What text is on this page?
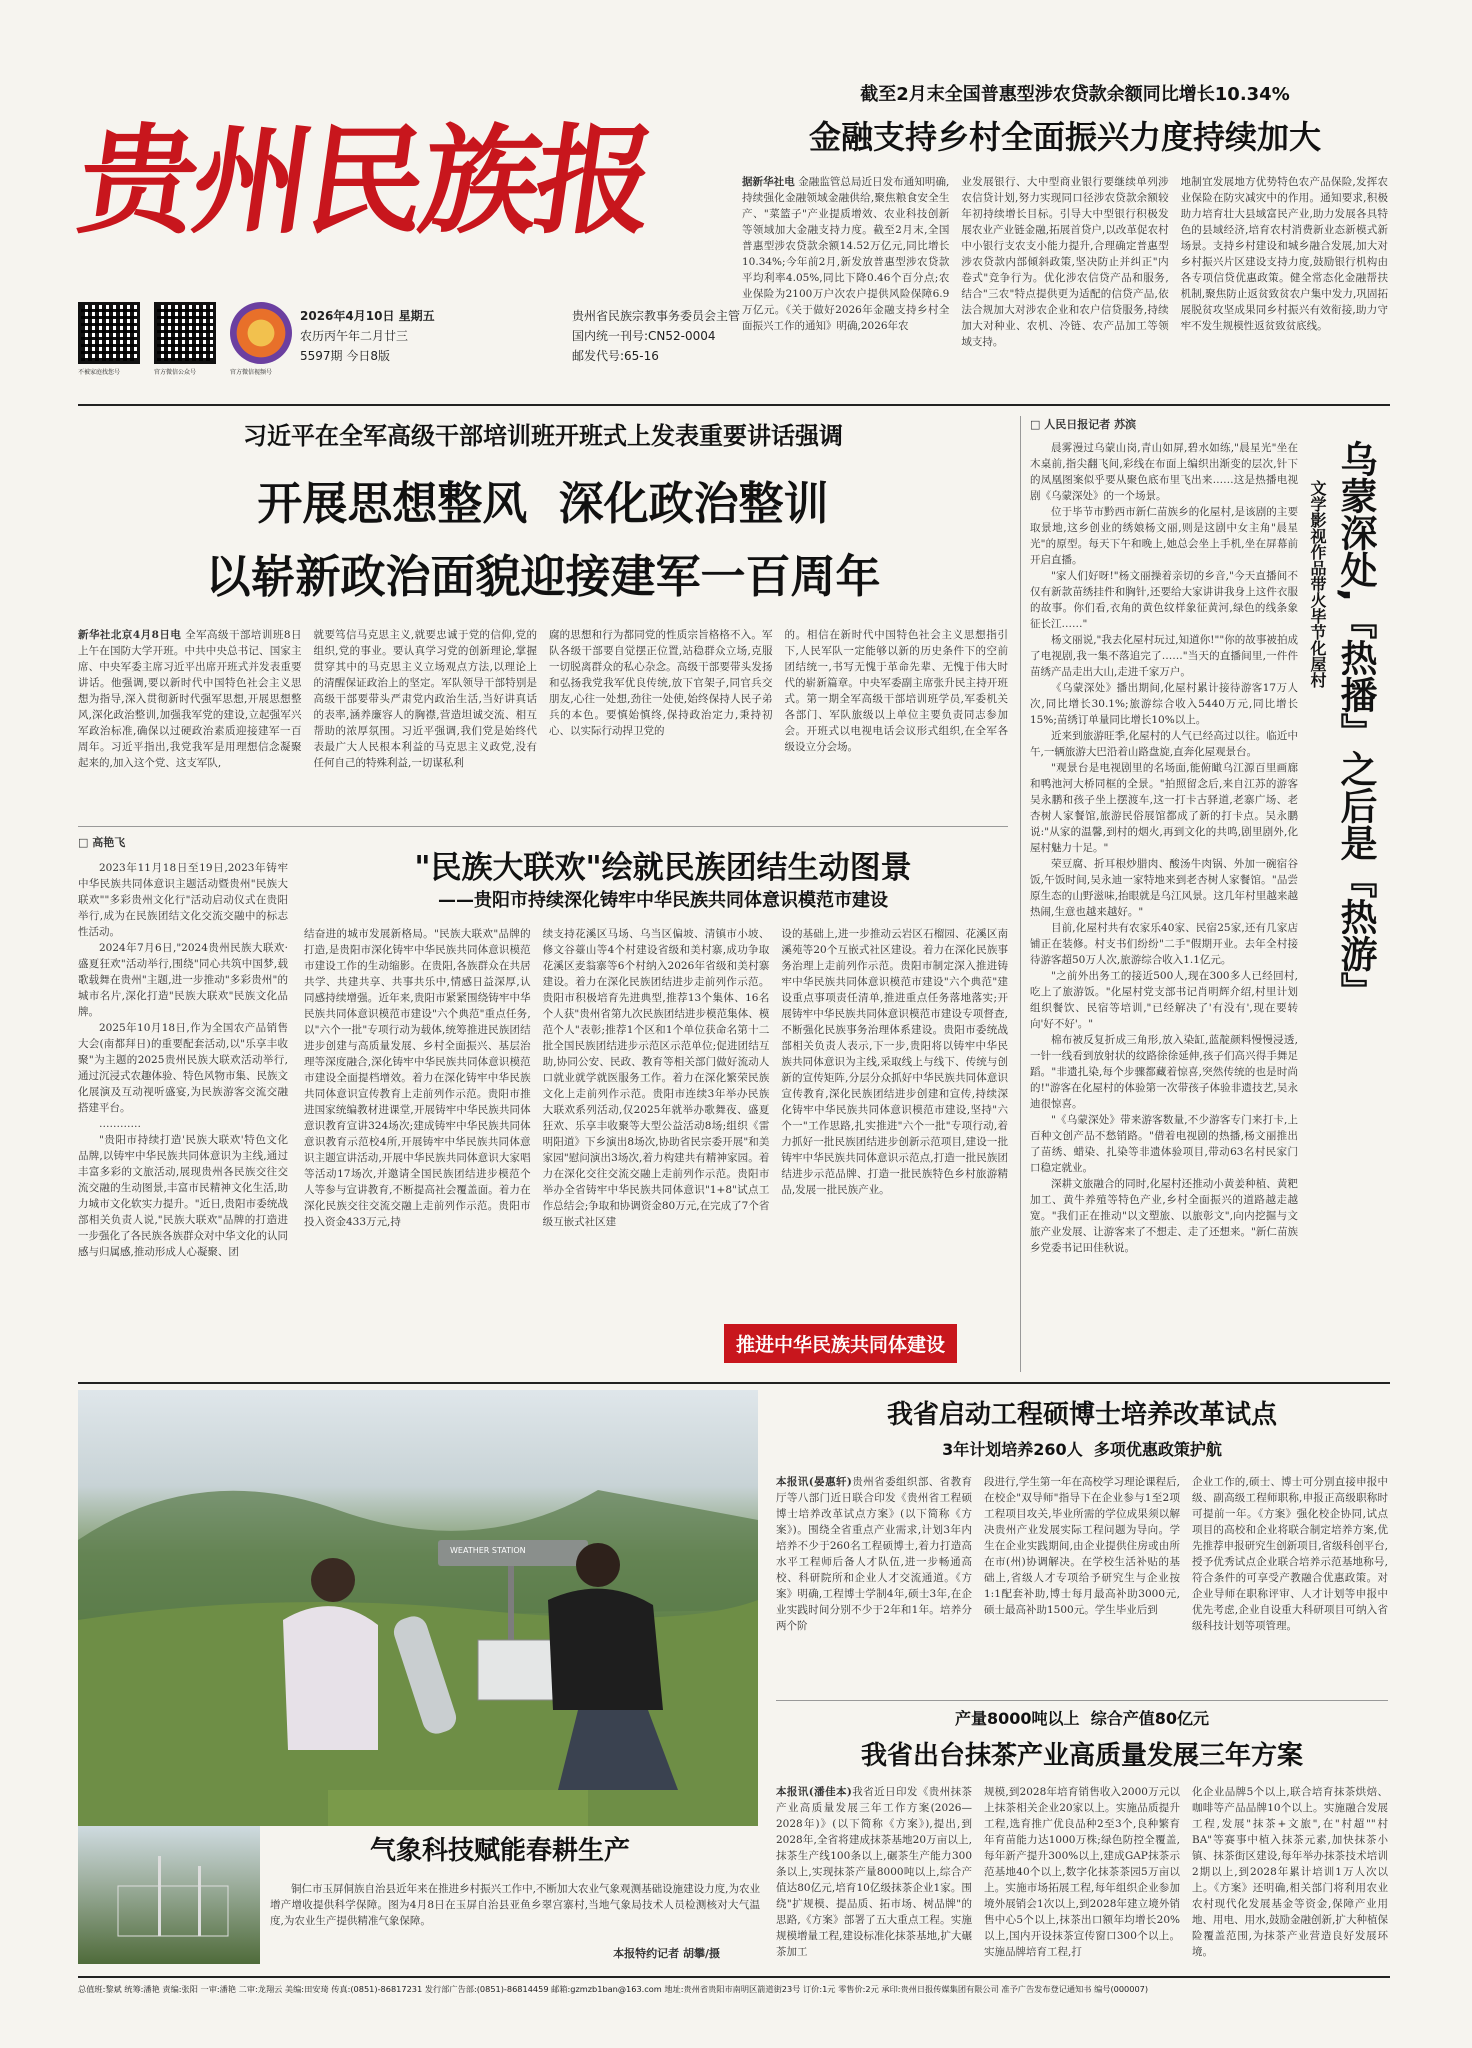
贵州民族报
不被家庭找您号	官方微信公众号	官方微信视频号
2026年4月10日 星期五
农历丙午年二月廿三
5597期 今日8版
贵州省民族宗教事务委员会主管
国内统一刊号:CN52-0004
邮发代号:65-16
截至2月末全国普惠型涉农贷款余额同比增长10.34%
金融支持乡村全面振兴力度持续加大
据新华社电 金融监管总局近日发布通知明确,持续强化金融领域金融供给,聚焦粮食安全生产、"菜篮子"产业提质增效、农业科技创新等领域加大金融支持力度。截至2月末,全国普惠型涉农贷款余额14.52万亿元,同比增长10.34%;今年前2月,新发放普惠型涉农贷款平均利率4.05%,同比下降0.46个百分点;农业保险为2100万户次农户提供风险保障6.9万亿元。《关于做好2026年金融支持乡村全面振兴工作的通知》明确,2026年农
业发展银行、大中型商业银行要继续单列涉农信贷计划,努力实现同口径涉农贷款余额较年初持续增长目标。引导大中型银行积极发展农业产业链金融,拓展首贷户,以改革促农村中小银行支农支小能力提升,合理确定普惠型涉农贷款内部倾斜政策,坚决防止并纠正"内卷式"竞争行为。优化涉农信贷产品和服务,结合"三农"特点提供更为适配的信贷产品,依法合规加大对涉农企业和农户信贷服务,持续加大对种业、农机、冷链、农产品加工等领域支持。
地制宜发展地方优势特色农产品保险,发挥农业保险在防灾减灾中的作用。通知要求,积极助力培育壮大县域富民产业,助力发展各具特色的县域经济,培育农村消费新业态新模式新场景。支持乡村建设和城乡融合发展,加大对乡村振兴片区建设支持力度,鼓励银行机构由各专项信贷优惠政策。健全常态化金融帮扶机制,聚焦防止返贫致贫农户集中发力,巩固拓展脱贫攻坚成果同乡村振兴有效衔接,助力守牢不发生规模性返贫致贫底线。
习近平在全军高级干部培训班开班式上发表重要讲话强调
开展思想整风  深化政治整训
以崭新政治面貌迎接建军一百周年
新华社北京4月8日电 全军高级干部培训班8日上午在国防大学开班。中共中央总书记、国家主席、中央军委主席习近平出席开班式并发表重要讲话。他强调,要以新时代中国特色社会主义思想为指导,深入贯彻新时代强军思想,开展思想整风,深化政治整训,加强我军党的建设,立起强军兴军政治标准,确保以过硬政治素质迎接建军一百周年。习近平指出,我党我军是用理想信念凝聚起来的,加入这个党、这支军队,
就要笃信马克思主义,就要忠诚于党的信仰,党的组织,党的事业。要认真学习党的创新理论,掌握贯穿其中的马克思主义立场观点方法,以理论上的清醒保证政治上的坚定。军队领导干部特别是高级干部要带头严肃党内政治生活,当好讲真话的表率,涵养廉容人的胸襟,营造坦诚交流、相互帮助的浓厚氛围。习近平强调,我们党是始终代表最广大人民根本利益的马克思主义政党,没有任何自己的特殊利益,一切谋私利
腐的思想和行为都同党的性质宗旨格格不入。军队各级干部要自觉摆正位置,站稳群众立场,克服一切脱离群众的私心杂念。高级干部要带头发扬和弘扬我党我军优良传统,放下官架子,同官兵交朋友,心往一处想,劲往一处使,始终保持人民子弟兵的本色。要慎始慎终,保持政治定力,秉持初心、以实际行动捍卫党的
的。相信在新时代中国特色社会主义思想指引下,人民军队一定能够以新的历史条件下的空前团结统一,书写无愧于革命先辈、无愧于伟大时代的崭新篇章。中央军委副主席张升民主持开班式。第一期全军高级干部培训班学员,军委机关各部门、军队旅级以上单位主要负责同志参加会。开班式以电视电话会议形式组织,在全军各级设立分会场。
□ 人民日报记者 苏滨

晨雾漫过乌蒙山岗,青山如屏,碧水如练,"晨星光"坐在木桌前,指尖翻飞间,彩线在布面上编织出渐变的层次,针下的凤凰图案似乎要从聚色底布里飞出来……这是热播电视剧《乌蒙深处》的一个场景。

位于毕节市黔西市新仁苗族乡的化屋村,是该剧的主要取景地,这乡创业的绣娘杨文丽,则是这剧中女主角"晨星光"的原型。每天下午和晚上,她总会坐上手机,坐在屏幕前开启直播。

"家人们好呀!"杨文丽操着亲切的乡音,"今天直播间不仅有新款苗绣挂件和胸针,还要给大家讲讲我身上这件衣服的故事。你们看,衣角的黄色纹样象征黄河,绿色的线条象征长江……"

杨文丽说,"我去化屋村玩过,知道你!""你的故事被拍成了电视剧,我一集不落追完了……"当天的直播间里,一件件苗绣产品走出大山,走进千家万户。

《乌蒙深处》播出期间,化屋村累计接待游客17万人次,同比增长30.1%;旅游综合收入5440万元,同比增长15%;苗绣订单量同比增长10%以上。

近来到旅游旺季,化屋村的人气已经高过以往。临近中午,一辆旅游大巴沿着山路盘旋,直奔化屋观景台。

"观景台是电视剧里的名场面,能俯瞰乌江源百里画廊和鸭池河大桥同框的全景。"拍照留念后,来自江苏的游客吴永鹏和孩子坐上摆渡车,这一打卡古驿道,老寨广场、老杏树人家餐馆,旅游民俗展馆都成了新的打卡点。吴永鹏说:"从家的温馨,到村的烟火,再到文化的共鸣,剧里剧外,化屋村魅力十足。"

荣豆腐、折耳根炒腊肉、酸汤牛肉锅、外加一碗宿谷饭,午饭时间,吴永迪一家特地来到老杏树人家餐馆。"品尝原生态的山野滋味,抬眼就是乌江风景。这几年村里越来越热闹,生意也越来越好。"

目前,化屋村共有农家乐40家、民宿25家,还有几家店铺正在装修。村支书们纷纷"二手"假期开业。去年全村接待游客超50万人次,旅游综合收入1.1亿元。

"之前外出务工的接近500人,现在300多人已经回村,吃上了旅游饭。"化屋村党支部书记肖明辉介绍,村里计划组织餐饮、民宿等培训,"已经解决了'有没有',现在要转向'好不好'。"

棉布被反复折成三角形,放入染缸,蓝靛颜料慢慢浸透,一针一线看到放射状的纹路徐徐延伸,孩子们高兴得手舞足蹈。"非遗扎染,每个步骤都藏着惊喜,突然传统的也是时尚的!"游客在化屋村的体验第一次带孩子体验非遗技艺,吴永迪很惊喜。

"《乌蒙深处》带来游客数量,不少游客专门来打卡,上百种文创产品不愁销路。"借着电视剧的热播,杨文丽推出了苗绣、蜡染、扎染等非遗体验项目,带动63名村民家门口稳定就业。

深耕文旅融合的同时,化屋村还推动小黄姜种植、黄粑加工、黄牛养殖等特色产业,乡村全面振兴的道路越走越宽。"我们正在推动"以文塑旅、以旅彰文",向内挖掘与文旅产业发展、让游客来了不想走、走了还想来。"新仁苗族乡党委书记田佳秋说。

文学影视作品带火毕节化屋村 乌蒙深处,『热播』之后是『热游』
□ 高艳飞
"民族大联欢"绘就民族团结生动图景
——贵阳市持续深化铸牢中华民族共同体意识模范市建设

2023年11月18日至19日,2023年铸牢中华民族共同体意识主题活动暨贵州"民族大联欢""多彩贵州文化行"活动启动仪式在贵阳举行,成为在民族团结文化交流交融中的标志性活动。

2024年7月6日,"2024贵州民族大联欢·盛夏狂欢"活动举行,围绕"同心共筑中国梦,载歌载舞在贵州"主题,进一步推动"多彩贵州"的城市名片,深化打造"民族大联欢"民族文化品牌。

2025年10月18日,作为全国农产品销售大会(南都拜日)的重要配套活动,以"乐享丰收聚"为主题的2025贵州民族大联欢活动举行,通过沉浸式农趣体验、特色风物市集、民族文化展演及互动视听盛宴,为民族游客交流交融搭建平台。

…………

"贵阳市持续打造'民族大联欢'特色文化品牌,以铸牢中华民族共同体意识为主线,通过丰富多彩的文旅活动,展现贵州各民族交往交流交融的生动图景,丰富市民精神文化生活,助力城市文化软实力提升。"近日,贵阳市委统战部相关负责人说,"民族大联欢"品牌的打造进一步强化了各民族各族群众对中华文化的认同感与归属感,推动形成人心凝聚、团

结奋进的城市发展新格局。"民族大联欢"品牌的打造,是贵阳市深化铸牢中华民族共同体意识模范市建设工作的生动缩影。在贵阳,各族群众在共居共学、共建共享、共事共乐中,情感日益深厚,认同感持续增强。近年来,贵阳市紧紧围绕铸牢中华民族共同体意识模范市建设"六个典范"重点任务,以"六个一批"专项行动为载体,统筹推进民族团结进步创建与高质量发展、乡村全面振兴、基层治理等深度融合,深化铸牢中华民族共同体意识模范市建设全面提档增效。着力在深化铸牢中华民族共同体意识宣传教育上走前列作示范。贵阳市推进国家统编教材进课堂,开展铸牢中华民族共同体意识教育宣讲324场次;建成铸牢中华民族共同体意识教育示范校4所,开展铸牢中华民族共同体意识主题宣讲活动,开展中华民族共同体意识大家唱等活动17场次,并邀请全国民族团结进步模范个人等参与宣讲教育,不断提高社会覆盖面。着力在深化民族交往交流交融上走前列作示范。贵阳市投入资金433万元,持
续支持花溪区马场、乌当区偏坡、清镇市小坡、修文谷薹山等4个村建设省级和美村寨,成功争取花溪区麦翁寨等6个村纳入2026年省级和美村寨建设。着力在深化民族团结进步走前列作示范。贵阳市积极培育先进典型,推荐13个集体、16名个人获"贵州省第九次民族团结进步模范集体、模范个人"表彰;推荐1个区和1个单位获命名第十二批全国民族团结进步示范区示范单位;促进团结互助,协同公安、民政、教育等相关部门做好流动人口就业就学就医服务工作。着力在深化繁荣民族文化上走前列作示范。贵阳市连续3年举办民族大联欢系列活动,仅2025年就举办歌舞夜、盛夏狂欢、乐享丰收聚等大型公益活动8场;组织《雷明阳道》下乡演出8场次,协助省民宗委开展"和美家园"慰问演出3场次,着力构建共有精神家园。着力在深化交往交流交融上走前列作示范。贵阳市举办全省铸牢中华民族共同体意识"1+8"试点工作总结会;争取和协调资金80万元,在完成了7个省级互嵌式社区建
设的基础上,进一步推动云岩区石榴园、花溪区南溪苑等20个互嵌式社区建设。着力在深化民族事务治理上走前列作示范。贵阳市制定深入推进铸牢中华民族共同体意识模范市建设"六个典范"建设重点事项责任清单,推进重点任务落地落实;开展铸牢中华民族共同体意识模范市建设专项督查,不断强化民族事务治理体系建设。贵阳市委统战部相关负责人表示,下一步,贵阳将以铸牢中华民族共同体意识为主线,采取线上与线下、传统与创新的宣传矩阵,分层分众抓好中华民族共同体意识宣传教育,深化民族团结进步创建和宣传,持续深化铸牢中华民族共同体意识模范市建设,坚持"六个一"工作思路,扎实推进"六个一批"专项行动,着力抓好一批民族团结进步创新示范项目,建设一批铸牢中华民族共同体意识示范点,打造一批民族团结进步示范品牌、打造一批民族特色乡村旅游精品,发展一批民族产业。
推进中华民族共同体建设
WEATHER STATION
气象科技赋能春耕生产

铜仁市玉屏侗族自治县近年来在推进乡村振兴工作中,不断加大农业气象观测基础设施建设力度,为农业增产增收提供科学保障。图为4月8日在玉屏自治县亚鱼乡翠宫寨村,当地气象局技术人员检测核对大气温度,为农业生产提供精准气象保障。

本报特约记者 胡攀/摄
我省启动工程硕博士培养改革试点
3年计划培养260人  多项优惠政策护航
本报讯(晏惠轩)贵州省委组织部、省教育厅等八部门近日联合印发《贵州省工程硕博士培养改革试点方案》(以下简称《方案》)。围绕全省重点产业需求,计划3年内培养不少于260名工程硕博士,着力打造高水平工程师后备人才队伍,进一步畅通高校、科研院所和企业人才交流通道。《方案》明确,工程博士学制4年,硕士3年,在企业实践时间分别不少于2年和1年。培养分两个阶
段进行,学生第一年在高校学习理论课程后,在校企"双导师"指导下在企业参与1至2项工程项目攻关,毕业所需的学位成果须以解决贵州产业发展实际工程问题为导向。学生在企业实践期间,由企业提供住房或由所在市(州)协调解决。在学校生活补贴的基础上,省级人才专项给予研究生与企业按1:1配套补助,博士每月最高补助3000元,硕士最高补助1500元。学生毕业后到
企业工作的,硕士、博士可分别直接申报中级、副高级工程师职称,申报正高级职称时可提前一年。《方案》强化校企协同,试点项目的高校和企业将联合制定培养方案,优先推荐申报研究生创新项目,省级科创平台,授予优秀试点企业联合培养示范基地称号,符合条件的可享受产教融合优惠政策。对企业导师在职称评审、人才计划等申报中优先考虑,企业自设重大科研项目可纳入省级科技计划等项管理。
产量8000吨以上  综合产值80亿元
我省出台抹茶产业高质量发展三年方案
本报讯(潘佳本)我省近日印发《贵州抹茶产业高质量发展三年工作方案(2026—2028年)》(以下简称《方案》),提出,到2028年,全省将建成抹茶基地20万亩以上,抹茶生产线100条以上,碾茶生产能力300条以上,实现抹茶产量8000吨以上,综合产值达80亿元,培育10亿级抹茶企业1家。围绕"扩规模、提品质、拓市场、树品牌"的思路,《方案》部署了五大重点工程。实施规模增量工程,建设标准化抹茶基地,扩大碾茶加工
规模,到2028年培育销售收入2000万元以上抹茶相关企业20家以上。实施品质提升工程,选育推广优良品种2至3个,良种繁育年育苗能力达1000万株;绿色防控全覆盖,每年新产提升300%以上,建成GAP抹茶示范基地40个以上,数字化抹茶茶园5万亩以上。实施市场拓展工程,每年组织企业参加境外展销会1次以上,到2028年建立境外销售中心5个以上,抹茶出口额年均增长20%以上,国内开设抹茶宣传窗口300个以上。实施品牌培育工程,打
化企业品牌5个以上,联合培育抹茶烘焙、咖啡等产品品牌10个以上。实施融合发展工程,发展"抹茶+文旅",在"村超""村BA"等赛事中植入抹茶元素,加快抹茶小镇、抹茶街区建设,每年举办抹茶技术培训2期以上,到2028年累计培训1万人次以上。《方案》还明确,相关部门将利用农业农村现代化发展基金等资金,保障产业用地、用电、用水,鼓励金融创新,扩大种植保险覆盖范围,为抹茶产业营造良好发展环境。
总值班:黎斌 统筹:潘艳 责编:张阳 一审:潘艳 二审:龙翔云 美编:田安琦 传真:(0851)-86817231 发行部广告部:(0851)-86814459 邮箱:gzmzb1ban@163.com 地址:贵州省贵阳市南明区箭道街23号 订价:1元 零售价:2元 承印:贵州日报传媒集团有限公司 准予广告发布登记通知书 编号(000007)
